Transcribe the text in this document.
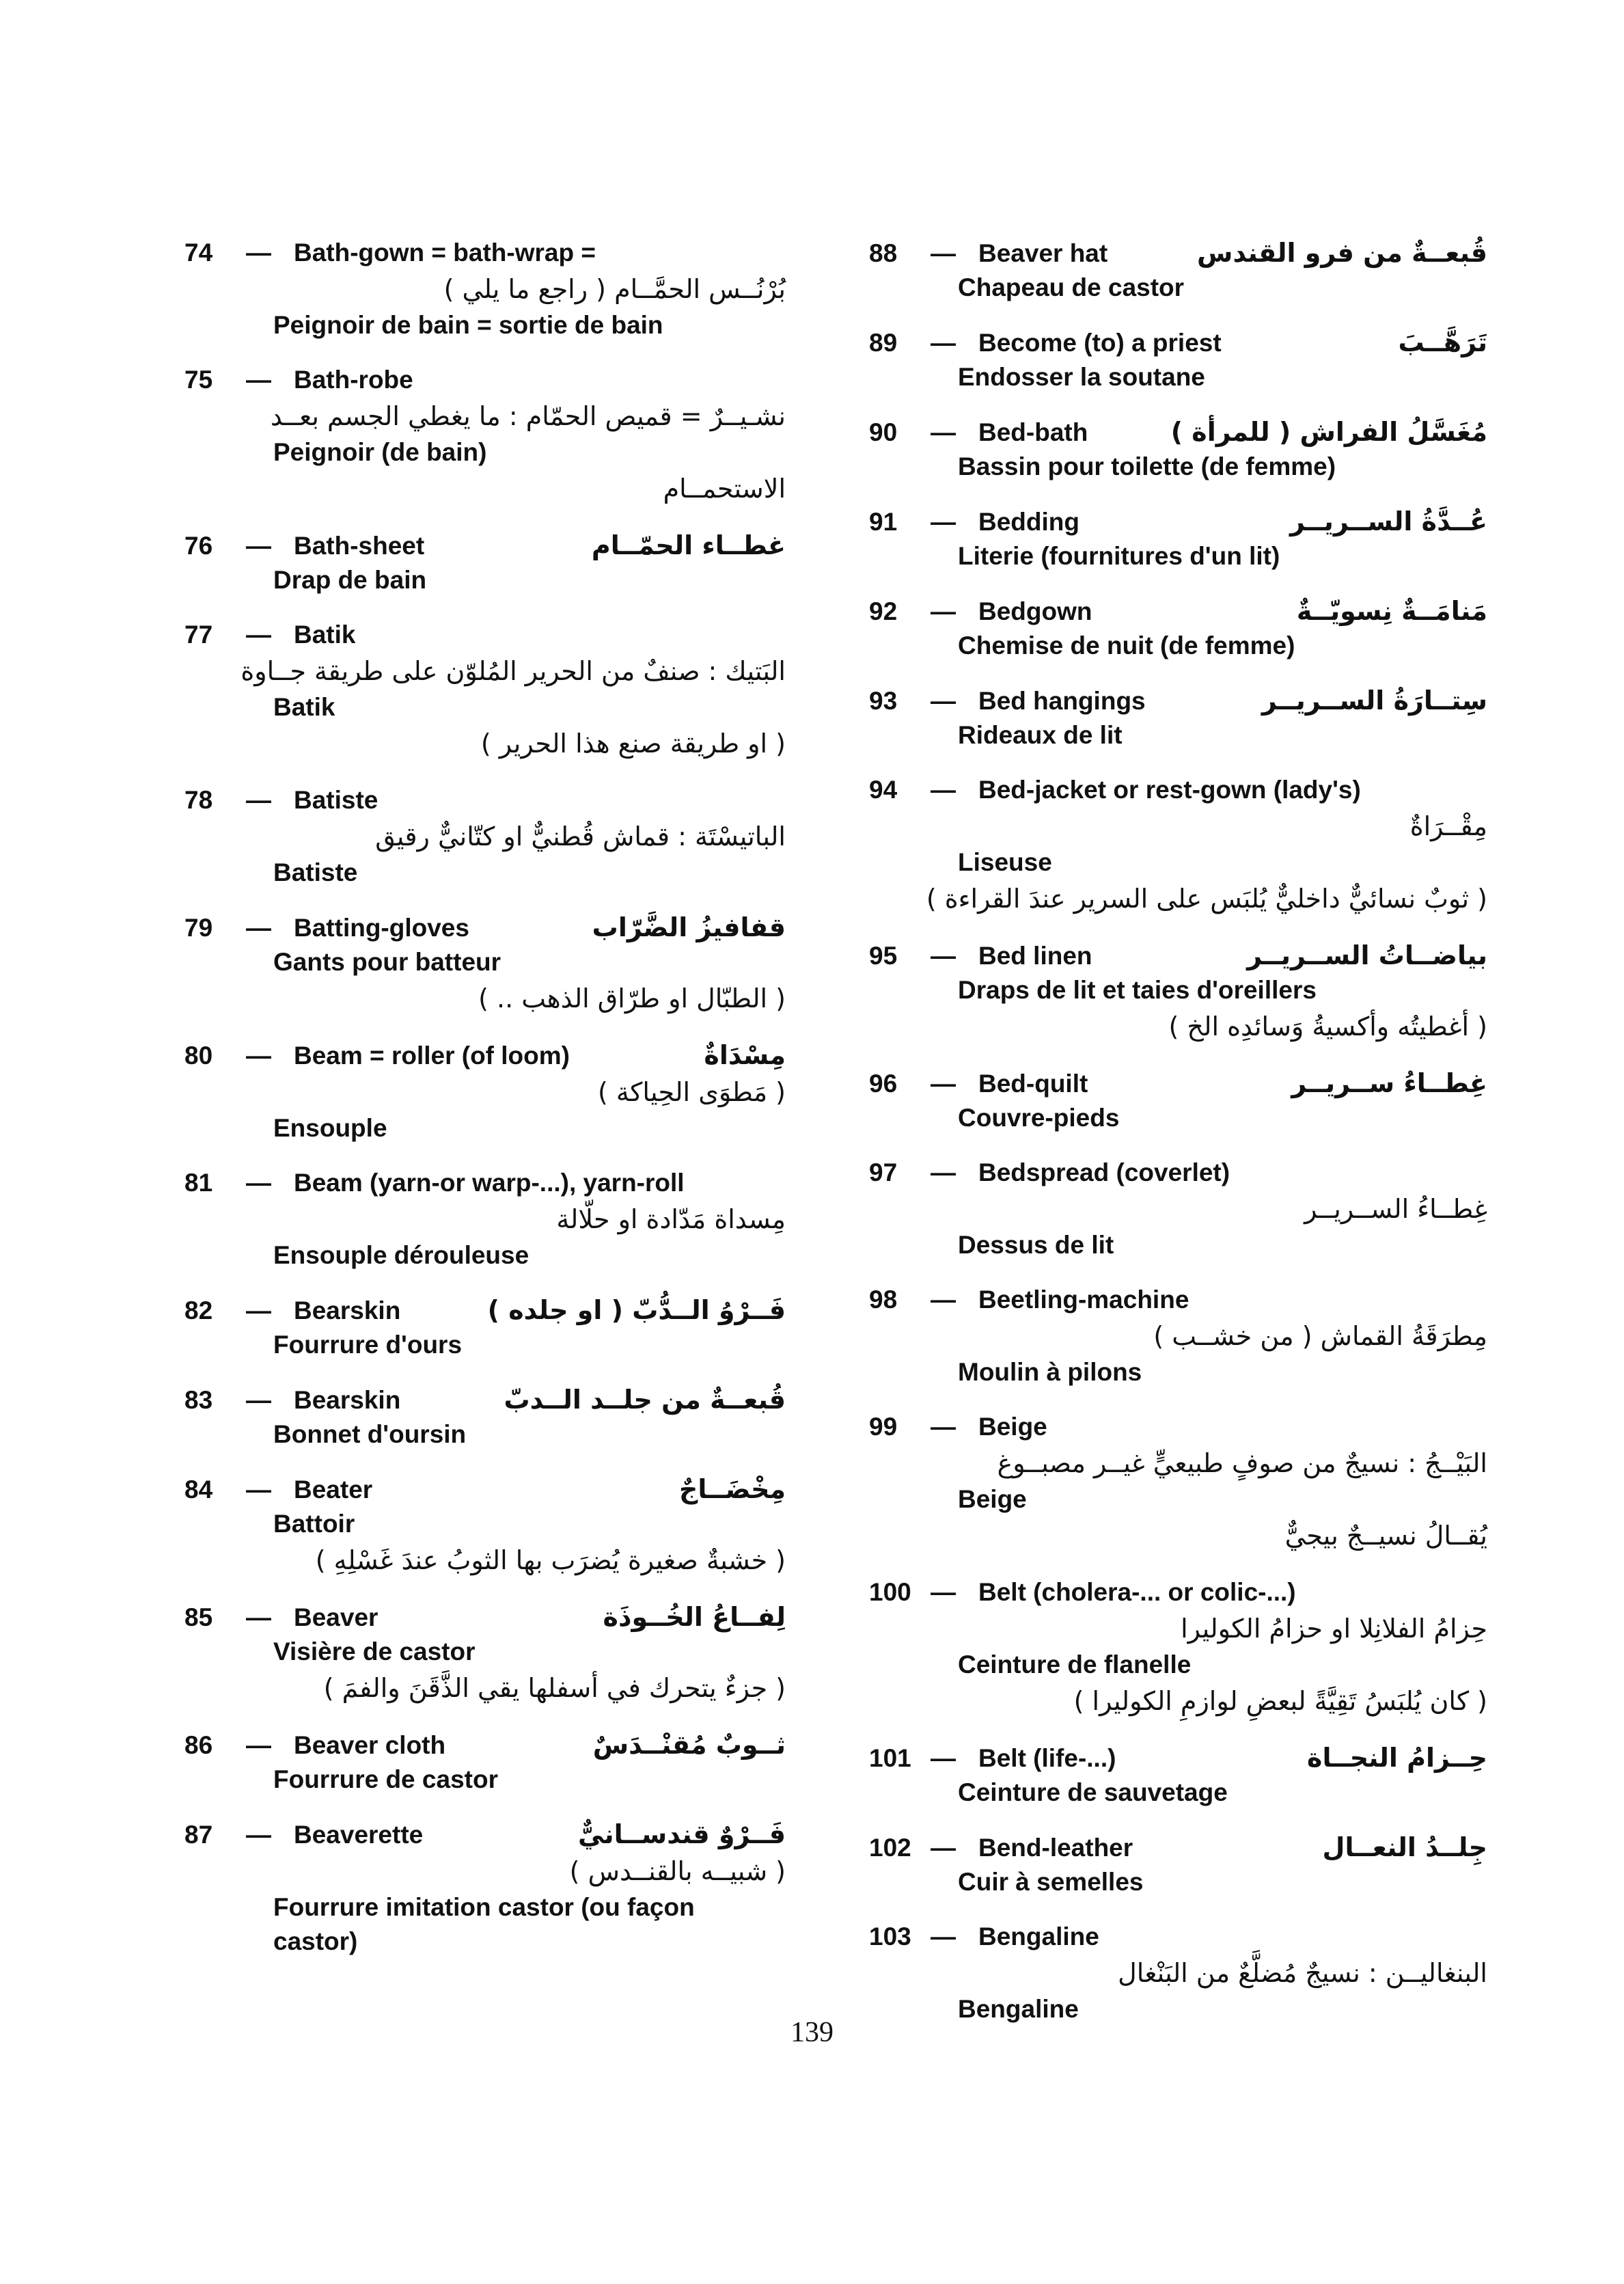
74 — Bath-gown = bath-wrap =
بُرْنُــس الحمَّــام ( راجع ما يلي )
Peignoir de bain = sortie de bain
75 — Bath-robe
نشـيــرٌ = قميص الحمّام : ما يغطي الجسم بعــد
Peignoir (de bain)
الاستحمــام
76 — Bath-sheet	غطــاء الحمّــام
Drap de bain
77 — Batik
البَتيك : صنفٌ من الحرير المُلوّن على طريقة جــاوة
Batik
( او طريقة صنع هذا الحرير )
78 — Batiste
الباتيسْتَة : قماش قُطنيٌّ او كتّانيٌّ رقيق
Batiste
79 — Batting-gloves	قفافيزُ الضَّرّاب
Gants pour batteur
( الطبّال او طرّاق الذهب .. )
80 — Beam = roller (of loom)	مِسْدَاةٌ
( مَطوَى الحِياكة )
Ensouple
81 — Beam (yarn-or warp-...), yarn-roll
مِسداة مَدّادة او حلّالة
Ensouple dérouleuse
82 — Bearskin	فَــرْوُ الــدُّبّ ( او جلده )
Fourrure d'ours
83 — Bearskin	قُبعــةٌ من جلــد الــدبّ
Bonnet d'oursin
84 — Beater	مِخْضَــاجٌ
Battoir
( خشبةٌ صغيرة يُضرَب بها الثوبُ عندَ غَسْلِهِ )
85 — Beaver	لِفــاعُ الخُــوذَة
Visière de castor
( جزءٌ يتحرك في أسفلها يقي الذَّقَنَ والفمَ )
86 — Beaver cloth	ثــوبٌ مُقنْــدَسٌ
Fourrure de castor
87 — Beaverette	فَــرْوٌ قندســانيٌّ
( شبيــه بالقنــدس )
Fourrure imitation castor (ou façon
castor)
88 — Beaver hat	قُبعــةٌ من فرو القندس
Chapeau de castor
89 — Become (to) a priest	تَرَهَّــبَ
Endosser la soutane
90 — Bed-bath	مُغَسَّلُ الفراش ( للمرأة )
Bassin pour toilette (de femme)
91 — Bedding	عُــدَّةُ الســريــر
Literie (fournitures d'un lit)
92 — Bedgown	مَنامَــةٌ نِسويّــةٌ
Chemise de nuit (de femme)
93 — Bed hangings	سِتــارَةُ الســريــر
Rideaux de lit
94 — Bed-jacket or rest-gown (lady's)
مِقْــرَاةٌ
Liseuse
( ثوبٌ نسائيٌّ داخليٌّ يُلبَس على السرير عندَ القراءة )
95 — Bed linen	بياضــاتُ الســريــر
Draps de lit et taies d'oreillers
( أغطيتُه وأكسيةُ وَسائدِه الخ )
96 — Bed-quilt	غِطــاءُ ســريــر
Couvre-pieds
97 — Bedspread (coverlet)
غِطــاءُ الســريــر
Dessus de lit
98 — Beetling-machine
مِطرَقَةُ القماش ( من خشــب )
Moulin à pilons
99 — Beige
البَيْــجُ : نسيجٌ من صوفٍ طبيعيٍّ غيــر مصبــوغ
Beige
يُقــالُ نسيــجٌ بيجيٌّ
100 — Belt (cholera-... or colic-...)
حِزامُ الفلانِلا او حزامُ الكوليرا
Ceinture de flanelle
( كان يُلبَسُ تَقِيَّةً لبعضِ لوازمِ الكوليرا )
101 — Belt (life-...)	حِــزامُ النجــاة
Ceinture de sauvetage
102 — Bend-leather	جِلــدُ النعــال
Cuir à semelles
103 — Bengaline
البنغاليــن : نسيجٌ مُضلَّعٌ من البَنْغال
Bengaline
139
